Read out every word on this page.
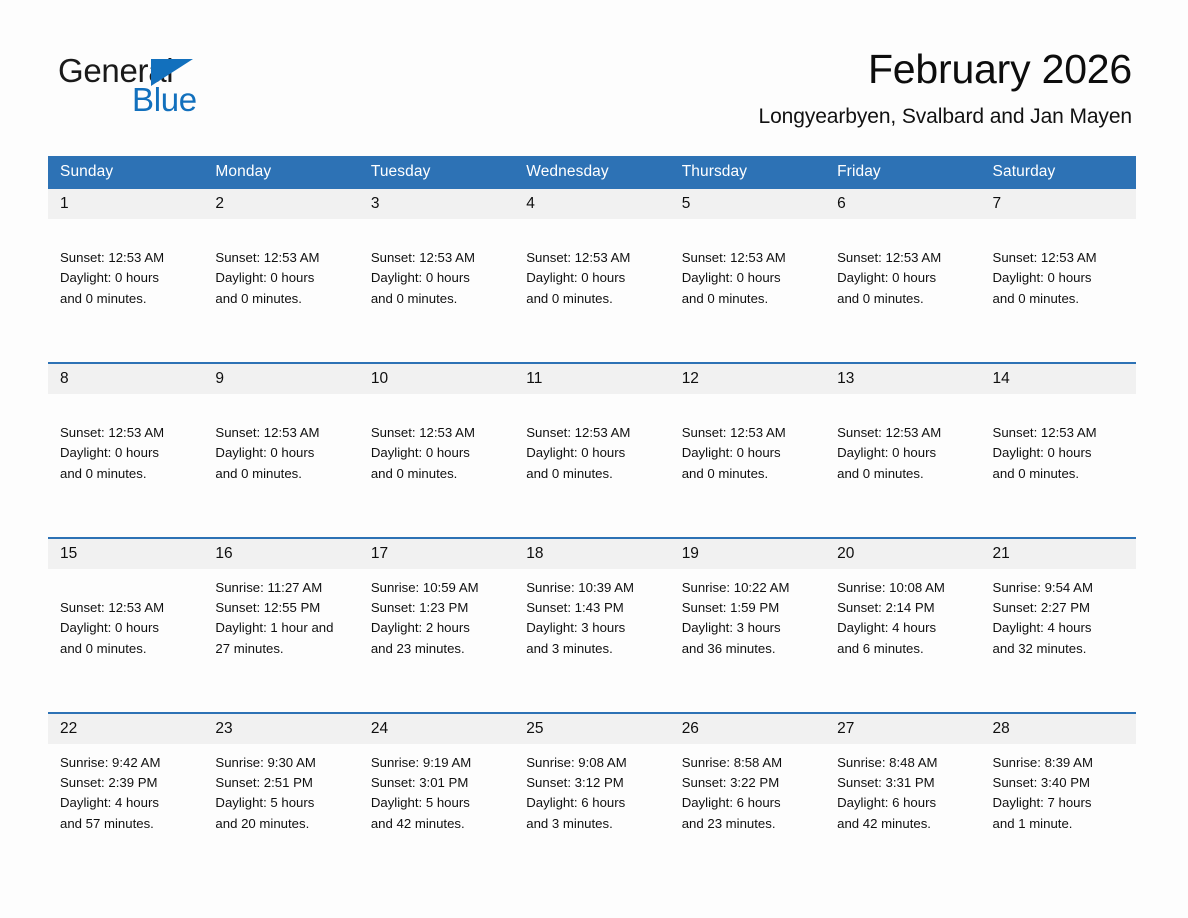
General
Blue
February 2026
Longyearbyen, Svalbard and Jan Mayen
Sunday	Monday	Tuesday	Wednesday	Thursday	Friday	Saturday
1	2	3	4	5	6	7

Sunset: 12:53 AM
Daylight: 0 hours
and 0 minutes.	Sunset: 12:53 AM
Daylight: 0 hours
and 0 minutes.	Sunset: 12:53 AM
Daylight: 0 hours
and 0 minutes.	Sunset: 12:53 AM
Daylight: 0 hours
and 0 minutes.	Sunset: 12:53 AM
Daylight: 0 hours
and 0 minutes.	Sunset: 12:53 AM
Daylight: 0 hours
and 0 minutes.	Sunset: 12:53 AM
Daylight: 0 hours
and 0 minutes.

8	9	10	11	12	13	14

Sunset: 12:53 AM
Daylight: 0 hours
and 0 minutes.	Sunset: 12:53 AM
Daylight: 0 hours
and 0 minutes.	Sunset: 12:53 AM
Daylight: 0 hours
and 0 minutes.	Sunset: 12:53 AM
Daylight: 0 hours
and 0 minutes.	Sunset: 12:53 AM
Daylight: 0 hours
and 0 minutes.	Sunset: 12:53 AM
Daylight: 0 hours
and 0 minutes.	Sunset: 12:53 AM
Daylight: 0 hours
and 0 minutes.

15	16	17	18	19	20	21

Sunset: 12:53 AM
Daylight: 0 hours
and 0 minutes.	Sunrise: 11:27 AM
Sunset: 12:55 PM
Daylight: 1 hour and
27 minutes.	Sunrise: 10:59 AM
Sunset: 1:23 PM
Daylight: 2 hours
and 23 minutes.	Sunrise: 10:39 AM
Sunset: 1:43 PM
Daylight: 3 hours
and 3 minutes.	Sunrise: 10:22 AM
Sunset: 1:59 PM
Daylight: 3 hours
and 36 minutes.	Sunrise: 10:08 AM
Sunset: 2:14 PM
Daylight: 4 hours
and 6 minutes.	Sunrise: 9:54 AM
Sunset: 2:27 PM
Daylight: 4 hours
and 32 minutes.

22	23	24	25	26	27	28

Sunrise: 9:42 AM
Sunset: 2:39 PM
Daylight: 4 hours
and 57 minutes.	Sunrise: 9:30 AM
Sunset: 2:51 PM
Daylight: 5 hours
and 20 minutes.	Sunrise: 9:19 AM
Sunset: 3:01 PM
Daylight: 5 hours
and 42 minutes.	Sunrise: 9:08 AM
Sunset: 3:12 PM
Daylight: 6 hours
and 3 minutes.	Sunrise: 8:58 AM
Sunset: 3:22 PM
Daylight: 6 hours
and 23 minutes.	Sunrise: 8:48 AM
Sunset: 3:31 PM
Daylight: 6 hours
and 42 minutes.	Sunrise: 8:39 AM
Sunset: 3:40 PM
Daylight: 7 hours
and 1 minute.
